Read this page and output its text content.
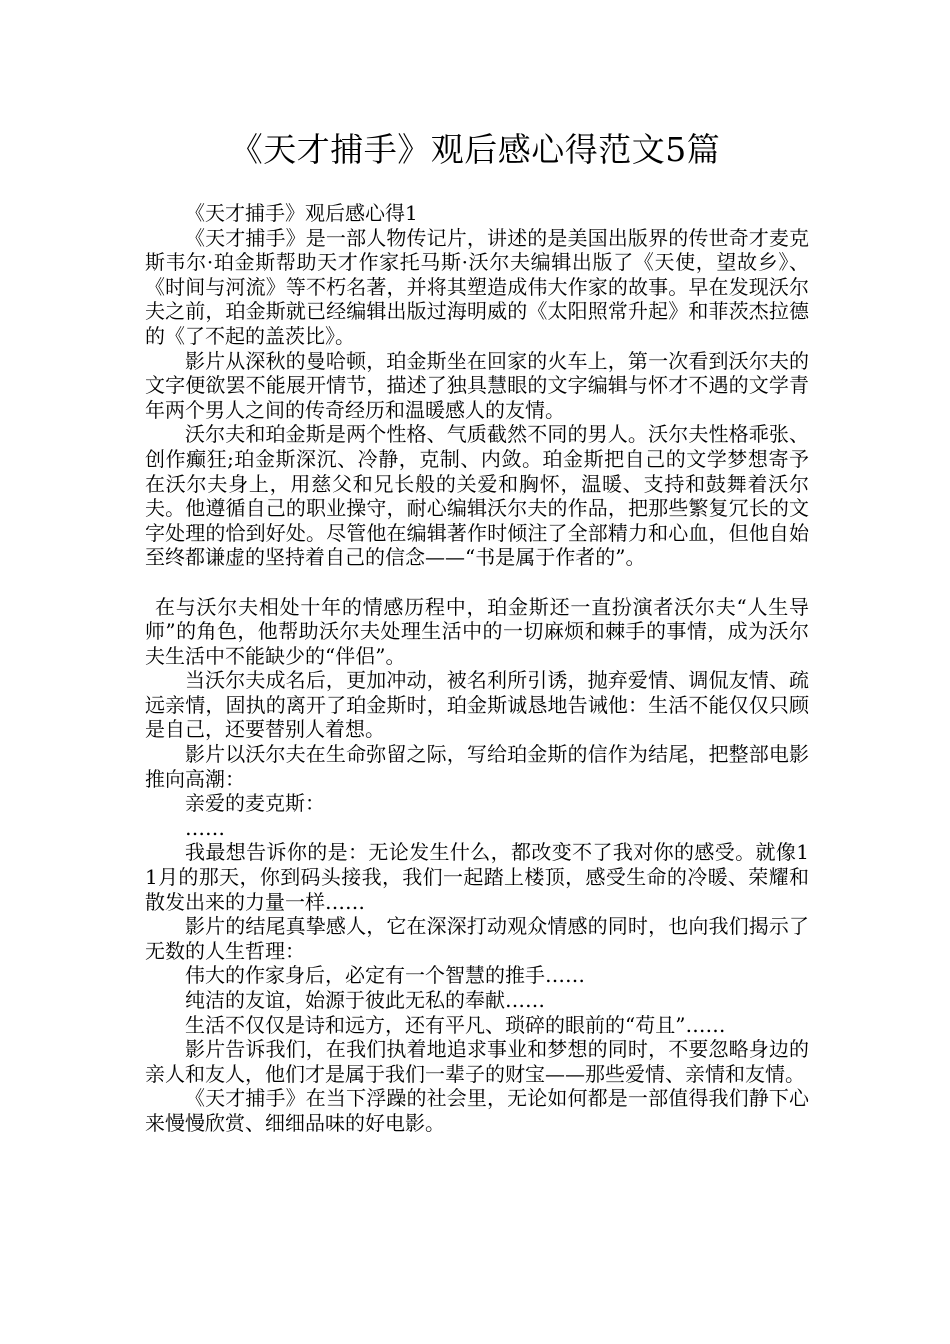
《天才捕手》观后感心得范文5篇

《天才捕手》观后感心得1

《天才捕手》是一部人物传记片，讲述的是美国出版界的传世奇才麦克斯韦尔·珀金斯帮助天才作家托马斯·沃尔夫编辑出版了《天使，望故乡》、《时间与河流》等不朽名著，并将其塑造成伟大作家的故事。早在发现沃尔夫之前，珀金斯就已经编辑出版过海明威的《太阳照常升起》和菲茨杰拉德的《了不起的盖茨比》。

影片从深秋的曼哈顿，珀金斯坐在回家的火车上，第一次看到沃尔夫的文字便欲罢不能展开情节，描述了独具慧眼的文字编辑与怀才不遇的文学青年两个男人之间的传奇经历和温暖感人的友情。

沃尔夫和珀金斯是两个性格、气质截然不同的男人。沃尔夫性格乖张、创作癫狂;珀金斯深沉、冷静，克制、内敛。珀金斯把自己的文学梦想寄予在沃尔夫身上，用慈父和兄长般的关爱和胸怀，温暖、支持和鼓舞着沃尔夫。他遵循自己的职业操守，耐心编辑沃尔夫的作品，把那些繁复冗长的文字处理的恰到好处。尽管他在编辑著作时倾注了全部精力和心血，但他自始至终都谦虚的坚持着自己的信念——“书是属于作者的”。

在与沃尔夫相处十年的情感历程中，珀金斯还一直扮演者沃尔夫“人生导师”的角色，他帮助沃尔夫处理生活中的一切麻烦和棘手的事情，成为沃尔夫生活中不能缺少的“伴侣”。

当沃尔夫成名后，更加冲动，被名利所引诱，抛弃爱情、调侃友情、疏远亲情，固执的离开了珀金斯时，珀金斯诚恳地告诫他：生活不能仅仅只顾是自己，还要替别人着想。

影片以沃尔夫在生命弥留之际，写给珀金斯的信作为结尾，把整部电影推向高潮：

亲爱的麦克斯：

……

我最想告诉你的是：无论发生什么，都改变不了我对你的感受。就像11月的那天，你到码头接我，我们一起踏上楼顶，感受生命的冷暖、荣耀和散发出来的力量一样……

影片的结尾真挚感人，它在深深打动观众情感的同时，也向我们揭示了无数的人生哲理：

伟大的作家身后，必定有一个智慧的推手……

纯洁的友谊，始源于彼此无私的奉献……

生活不仅仅是诗和远方，还有平凡、琐碎的眼前的“苟且”……

影片告诉我们，在我们执着地追求事业和梦想的同时，不要忽略身边的亲人和友人，他们才是属于我们一辈子的财宝——那些爱情、亲情和友情。

《天才捕手》在当下浮躁的社会里，无论如何都是一部值得我们静下心来慢慢欣赏、细细品味的好电影。
